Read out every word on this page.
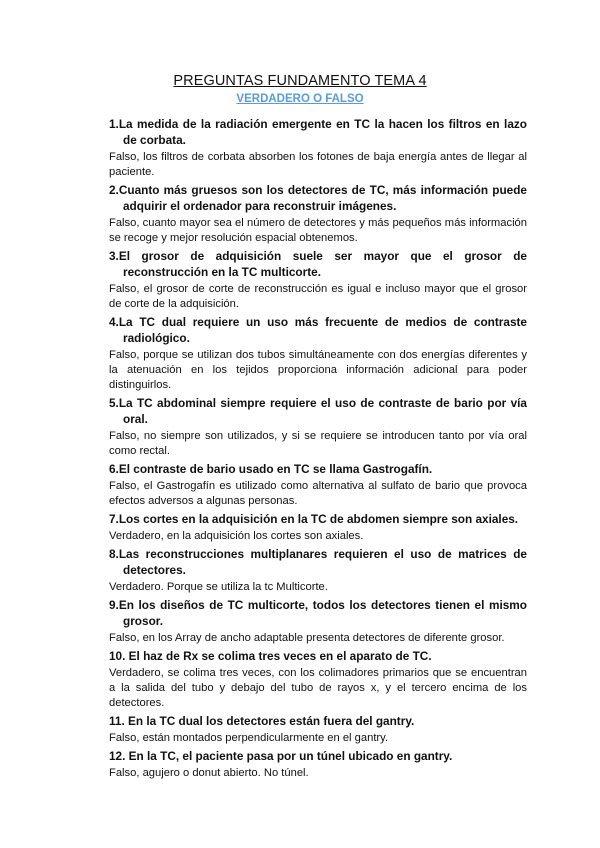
PREGUNTAS FUNDAMENTO TEMA 4
VERDADERO O FALSO

1.La medida de la radiación emergente en TC la hacen los filtros en lazo de corbata.

Falso, los filtros de corbata absorben los fotones de baja energía antes de llegar al paciente.

2.Cuanto más gruesos son los detectores de TC, más información puede adquirir el ordenador para reconstruir imágenes.

Falso, cuanto mayor sea el número de detectores y más pequeños más información se recoge y mejor resolución espacial obtenemos.

3.El grosor de adquisición suele ser mayor que el grosor de reconstrucción en la TC multicorte.

Falso, el grosor de corte de reconstrucción es igual e incluso mayor que el grosor de corte de la adquisición.

4.La TC dual requiere un uso más frecuente de medios de contraste radiológico.

Falso, porque se utilizan dos tubos simultáneamente con dos energías diferentes y la atenuación en los tejidos proporciona información adicional para poder distinguirlos.

5.La TC abdominal siempre requiere el uso de contraste de bario por vía oral.

Falso, no siempre son utilizados, y si se requiere se introducen tanto por vía oral como rectal.

6.El contraste de bario usado en TC se llama Gastrogafín.

Falso, el Gastrogafín es utilizado como alternativa al sulfato de bario que provoca efectos adversos a algunas personas.

7.Los cortes en la adquisición en la TC de abdomen siempre son axiales.

Verdadero, en la adquisición los cortes son axiales.

8.Las reconstrucciones multiplanares requieren el uso de matrices de detectores.

Verdadero. Porque se utiliza la tc Multicorte.

9.En los diseños de TC multicorte, todos los detectores tienen el mismo grosor.

Falso, en los Array de ancho adaptable presenta detectores de diferente grosor.

10. El haz de Rx se colima tres veces en el aparato de TC.

Verdadero, se colima tres veces, con los colimadores primarios que se encuentran a la salida del tubo y debajo del tubo de rayos x, y el tercero encima de los detectores.

11. En la TC dual los detectores están fuera del gantry.

Falso, están montados perpendicularmente en el gantry.

12. En la TC, el paciente pasa por un túnel ubicado en gantry.

Falso, agujero o donut abierto. No túnel.
